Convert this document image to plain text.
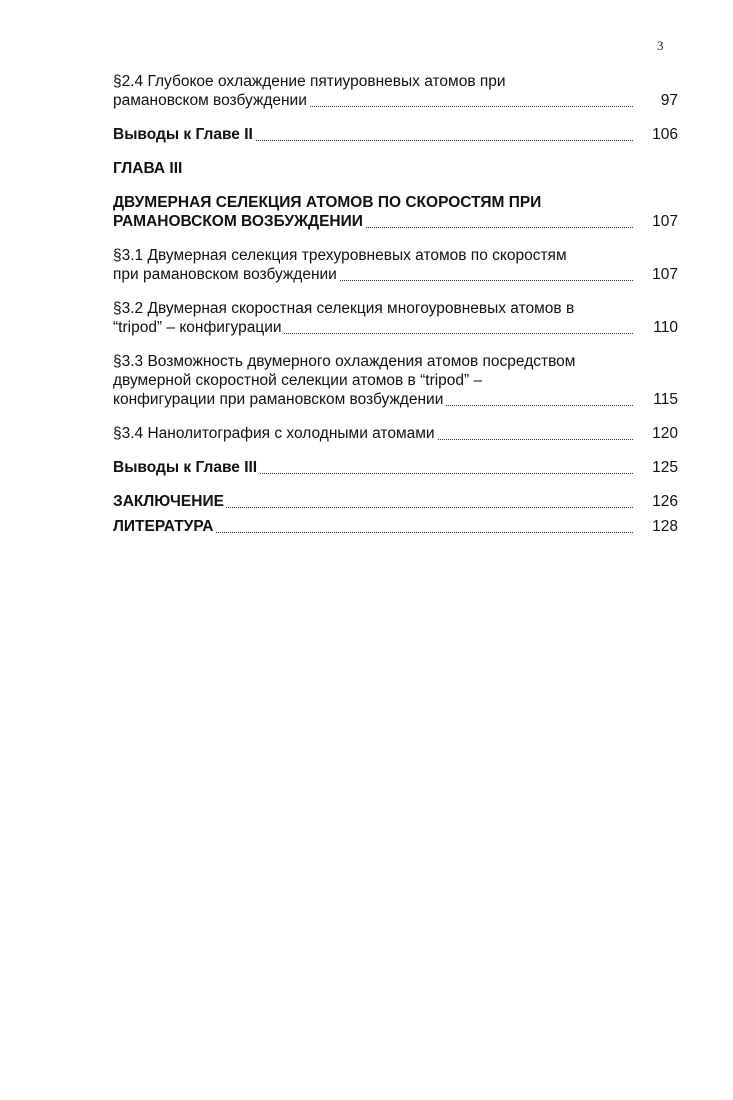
3
§2.4 Глубокое охлаждение пятиуровневых атомов при
рамановском возбуждении	97
Выводы к Главе II	106
ГЛАВА III
ДВУМЕРНАЯ СЕЛЕКЦИЯ АТОМОВ ПО СКОРОСТЯМ ПРИ
РАМАНОВСКОМ ВОЗБУЖДЕНИИ	107
§3.1 Двумерная селекция трехуровневых атомов по скоростям
при рамановском возбуждении	107
§3.2 Двумерная скоростная селекция многоуровневых атомов в
“tripod” – конфигурации	110
§3.3 Возможность двумерного охлаждения атомов посредством
двумерной скоростной селекции атомов в “tripod” –
конфигурации при рамановском возбуждении	115
§3.4 Нанолитография с холодными атомами	120
Выводы к Главе III	125
ЗАКЛЮЧЕНИЕ	126
ЛИТЕРАТУРА	128
